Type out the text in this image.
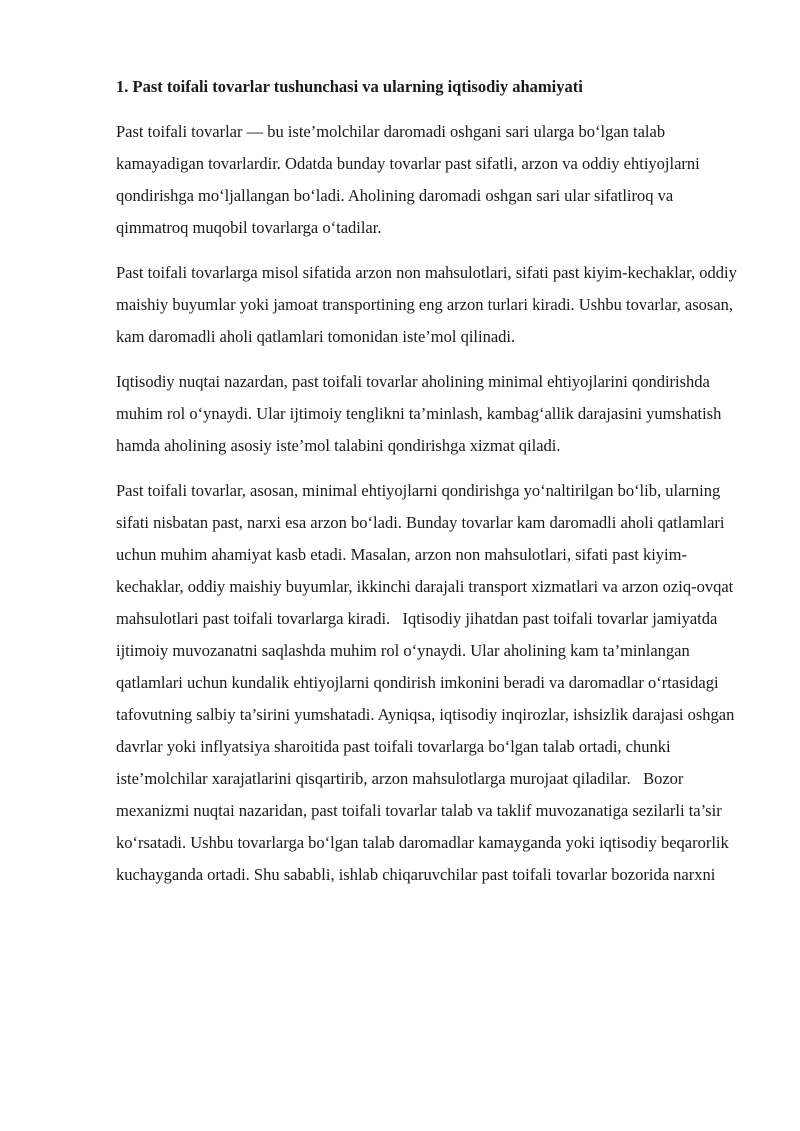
1. Past toifali tovarlar tushunchasi va ularning iqtisodiy ahamiyati

Past toifali tovarlar — bu iste’molchilar daromadi oshgani sari ularga bo‘lgan talab kamayadigan tovarlardir. Odatda bunday tovarlar past sifatli, arzon va oddiy ehtiyojlarni qondirishga mo‘ljallangan bo‘ladi. Aholining daromadi oshgan sari ular sifatliroq va qimmatroq muqobil tovarlarga o‘tadilar.

Past toifali tovarlarga misol sifatida arzon non mahsulotlari, sifati past kiyim-kechaklar, oddiy maishiy buyumlar yoki jamoat transportining eng arzon turlari kiradi. Ushbu tovarlar, asosan, kam daromadli aholi qatlamlari tomonidan iste’mol qilinadi.

Iqtisodiy nuqtai nazardan, past toifali tovarlar aholining minimal ehtiyojlarini qondirishda muhim rol o‘ynaydi. Ular ijtimoiy tenglikni ta’minlash, kambag‘allik darajasini yumshatish hamda aholining asosiy iste’mol talabini qondirishga xizmat qiladi.

Past toifali tovarlar, asosan, minimal ehtiyojlarni qondirishga yo‘naltirilgan bo‘lib, ularning sifati nisbatan past, narxi esa arzon bo‘ladi. Bunday tovarlar kam daromadli aholi qatlamlari uchun muhim ahamiyat kasb etadi. Masalan, arzon non mahsulotlari, sifati past kiyim-kechaklar, oddiy maishiy buyumlar, ikkinchi darajali transport xizmatlari va arzon oziq-ovqat mahsulotlari past toifali tovarlarga kiradi.   Iqtisodiy jihatdan past toifali tovarlar jamiyatda ijtimoiy muvozanatni saqlashda muhim rol o‘ynaydi. Ular aholining kam ta’minlangan qatlamlari uchun kundalik ehtiyojlarni qondirish imkonini beradi va daromadlar o‘rtasidagi tafovutning salbiy ta’sirini yumshatadi. Ayniqsa, iqtisodiy inqirozlar, ishsizlik darajasi oshgan davrlar yoki inflyatsiya sharoitida past toifali tovarlarga bo‘lgan talab ortadi, chunki iste’molchilar xarajatlarini qisqartirib, arzon mahsulotlarga murojaat qiladilar.   Bozor mexanizmi nuqtai nazaridan, past toifali tovarlar talab va taklif muvozanatiga sezilarli ta’sir ko‘rsatadi. Ushbu tovarlarga bo‘lgan talab daromadlar kamayganda yoki iqtisodiy beqarorlik kuchayganda ortadi. Shu sababli, ishlab chiqaruvchilar past toifali tovarlar bozorida narxni
